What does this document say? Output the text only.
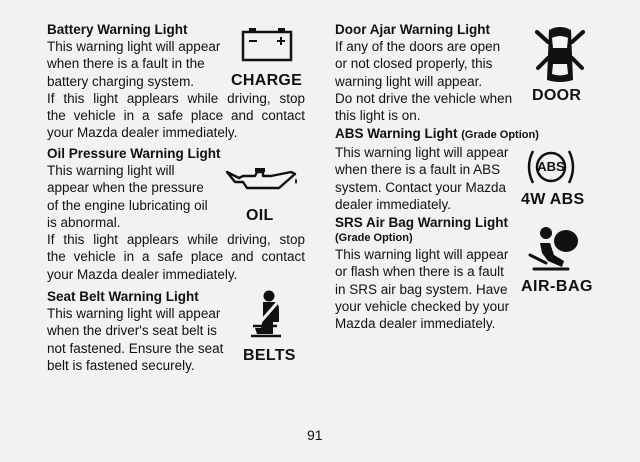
Battery Warning Light
This warning light will appear
when there is a fault in the
battery charging system.
If this light applears while driving, stop
the vehicle in a safe place and contact
your Mazda dealer immediately.
CHARGE
Oil Pressure Warning Light
This warning light will
appear when the pressure
of the engine lubricating oil
is abnormal.
If this light applears while driving, stop
the vehicle in a safe place and contact
your Mazda dealer immediately.
OIL
Seat Belt Warning Light
This warning light will appear
when the driver's seat belt is
not fastened. Ensure the seat
belt is fastened securely.
BELTS
Door Ajar Warning Light
If any of the doors are open
or not closed properly, this
warning light will appear.
Do not drive the vehicle when
this light is on.
DOOR
ABS Warning Light (Grade Option)
This warning light will appear
when there is a fault in ABS
system. Contact your Mazda
dealer immediately.
ABS
4W ABS
SRS Air Bag Warning Light
(Grade Option)
This warning light will appear
or flash when there is a fault
in SRS air bag system. Have
your vehicle checked by your
Mazda dealer immediately.
AIR-BAG
91
